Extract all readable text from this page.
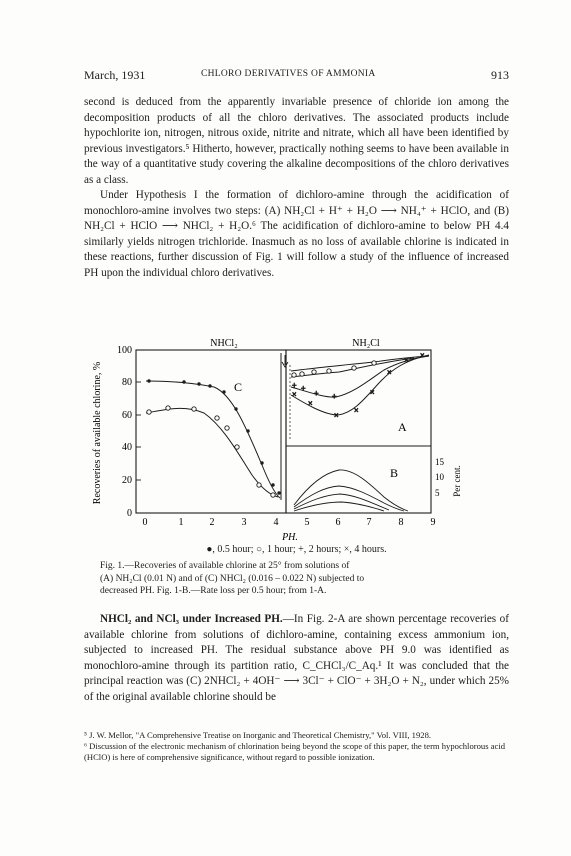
March, 1931	CHLORO DERIVATIVES OF AMMONIA	913

second is deduced from the apparently invariable presence of chloride ion among the decomposition products of all the chloro derivatives. The associated products include hypochlorite ion, nitrogen, nitrous oxide, nitrite and nitrate, which all have been identified by previous investigators.⁵ Hitherto, however, practically nothing seems to have been available in the way of a quantitative study covering the alkaline decompositions of the chloro derivatives as a class.

Under Hypothesis I the formation of dichloro-amine through the acidification of monochloro-amine involves two steps: (A) NH₂Cl + H⁺ + H₂O ⟶ NH₄⁺ + HClO, and (B) NH₂Cl + HClO ⟶ NHCl₂ + H₂O.⁶ The acidification of dichloro-amine to below PH 4.4 similarly yields nitrogen trichloride. Inasmuch as no loss of available chlorine is indicated in these reactions, further discussion of Fig. 1 will follow a study of the influence of increased PH upon the individual chloro derivatives.

NHCl₂	NH₂Cl
100
80
60
40
20
0
Recoveries of available chlorine, %
0	1	2	3	4	5	6	7	8	9
PH.
15
10
5 Per cent.
C
A
B
+ +
+ +
×
×
×
×
×
×
×
×
●, 0.5 hour; ○, 1 hour; +, 2 hours; ×, 4 hours.
Fig. 1.—Recoveries of available chlorine at 25° from solutions of
(A) NH₂Cl (0.01 N) and of (C) NHCl₂ (0.016 – 0.022 N) subjected to
decreased PH. Fig. 1-B.—Rate loss per 0.5 hour; from 1-A.

NHCl₂ and NCl₃ under Increased PH.—In Fig. 2-A are shown percentage recoveries of available chlorine from solutions of dichloro-amine, containing excess ammonium ion, subjected to increased PH. The residual substance above PH 9.0 was identified as monochloro-amine through its partition ratio, C_CHCl₃/C_Aq.¹ It was concluded that the principal reaction was (C) 2NHCl₂ + 4OH⁻ ⟶ 3Cl⁻ + ClO⁻ + 3H₂O + N₂, under which 25% of the original available chlorine should be

⁵ J. W. Mellor, "A Comprehensive Treatise on Inorganic and Theoretical Chemistry," Vol. VIII, 1928.

⁶ Discussion of the electronic mechanism of chlorination being beyond the scope of this paper, the term hypochlorous acid (HClO) is here of comprehensive significance, without regard to possible ionization.
